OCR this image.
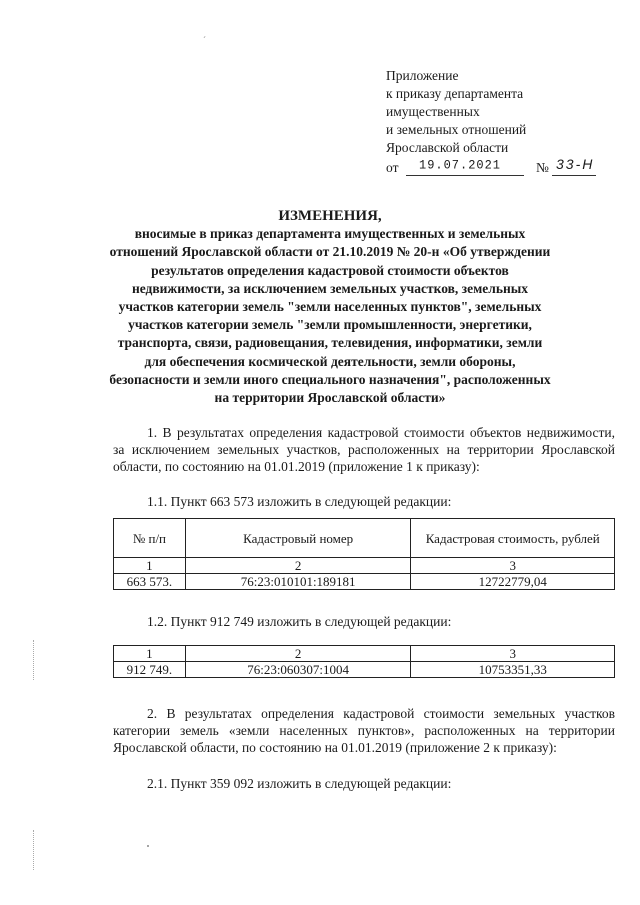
ˊ
Приложение
к приказу департамента
имущественных
и земельных отношений
Ярославской области
от 19.07.2021	№ 33-Н
ИЗМЕНЕНИЯ,
вносимые в приказ департамента имущественных и земельных
отношений Ярославской области от 21.10.2019 № 20-н «Об утверждении
результатов определения кадастровой стоимости объектов
недвижимости, за исключением земельных участков, земельных
участков категории земель "земли населенных пунктов", земельных
участков категории земель "земли промышленности, энергетики,
транспорта, связи, радиовещания, телевидения, информатики, земли
для обеспечения космической деятельности, земли обороны,
безопасности и земли иного специального назначения", расположенных
на территории Ярославской области»
1. В результатах определения кадастровой стоимости объектов недвижимости, за исключением земельных участков, расположенных на территории Ярославской области, по состоянию на 01.01.2019 (приложение 1 к приказу):
1.1. Пункт 663 573 изложить в следующей редакции:
№ п/п	Кадастровый номер	Кадастровая стоимость, рублей
1	2	3
663 573.	76:23:010101:189181	12722779,04
1.2. Пункт 912 749 изложить в следующей редакции:
1	2	3
912 749.	76:23:060307:1004	10753351,33
2. В результатах определения кадастровой стоимости земельных участков категории земель «земли населенных пунктов», расположенных на территории Ярославской области, по состоянию на 01.01.2019 (приложение 2 к приказу):
2.1. Пункт 359 092 изложить в следующей редакции:
